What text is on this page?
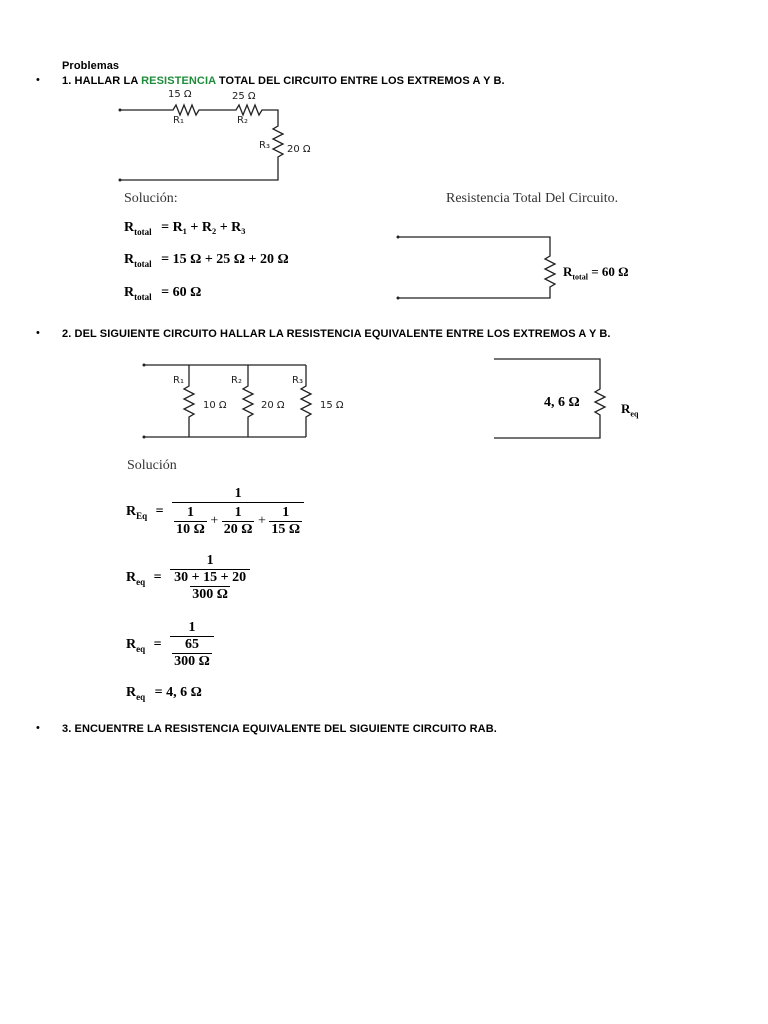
Problemas
• 1. HALLAR LA RESISTENCIA TOTAL DEL CIRCUITO ENTRE LOS EXTREMOS A Y B.
15 Ω
R₁
25 Ω
R₂
R₃ 20 Ω
Solución:
$R_{total} = R_1 + R_2 + R_3$
$R_{total} = 15$ Ω + 25 Ω + 20 Ω
$R_{total} = 60$ Ω
Resistencia Total Del Circuito.
$R_{total} = 60$ Ω
• 2. DEL SIGUIENTE CIRCUITO HALLAR LA RESISTENCIA EQUIVALENTE ENTRE LOS EXTREMOS A Y B.
R₁
10 Ω
R₂
20 Ω
R₃
15 Ω	4, 6 Ω	$R_{eq}$
Solución
$R_{Eq} = \frac{1}{\frac{1}{10 \Omega} + \frac{1}{20 \Omega} + \frac{1}{15 \Omega}}$
$R_{eq} = \frac{1}{\frac{30 + 15 + 20}{300 \Omega}}$
$R_{eq} = \frac{1}{\frac{65}{300 \Omega}}$
$R_{eq} = 4$, 6 Ω
• 3. ENCUENTRE LA RESISTENCIA EQUIVALENTE DEL SIGUIENTE CIRCUITO RAB.
